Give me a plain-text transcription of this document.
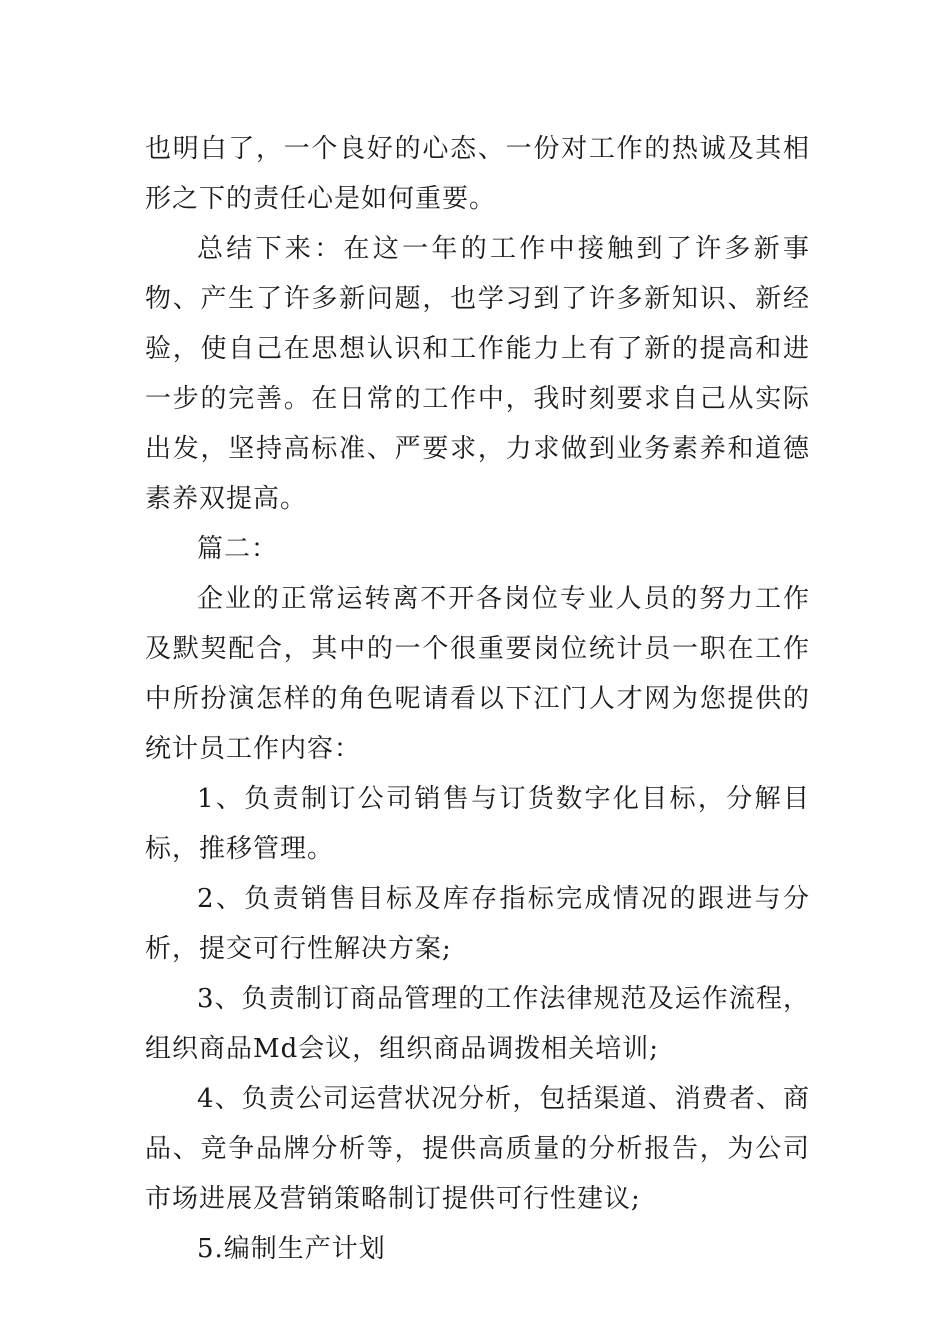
也明白了，一个良好的心态、一份对工作的热诚及其相形之下的责任心是如何重要。

总结下来：在这一年的工作中接触到了许多新事物、产生了许多新问题，也学习到了许多新知识、新经验，使自己在思想认识和工作能力上有了新的提高和进一步的完善。在日常的工作中，我时刻要求自己从实际出发，坚持高标准、严要求，力求做到业务素养和道德素养双提高。

篇二：

企业的正常运转离不开各岗位专业人员的努力工作及默契配合，其中的一个很重要岗位统计员一职在工作中所扮演怎样的角色呢请看以下江门人才网为您提供的统计员工作内容：

1、负责制订公司销售与订货数字化目标，分解目标，推移管理。

2、负责销售目标及库存指标完成情况的跟进与分析，提交可行性解决方案;

3、负责制订商品管理的工作法律规范及运作流程，组织商品Md会议，组织商品调拨相关培训;

4、负责公司运营状况分析，包括渠道、消费者、商品、竞争品牌分析等，提供高质量的分析报告，为公司市场进展及营销策略制订提供可行性建议;

5.编制生产计划
